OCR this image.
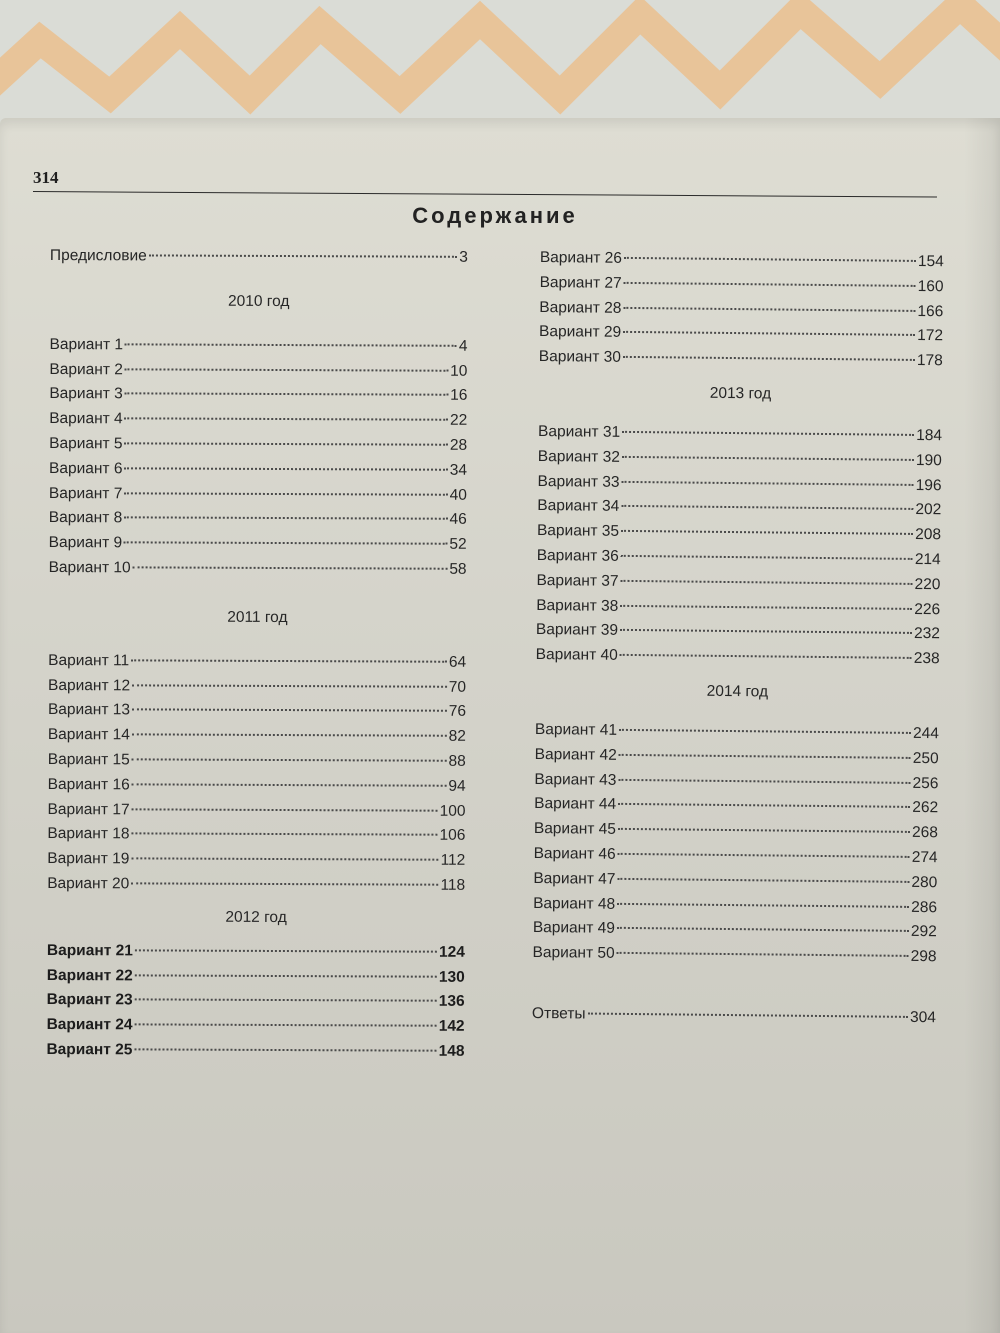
314
Содержание
Предисловие	3
2010 год
Вариант 1	4
Вариант 2	10
Вариант 3	16
Вариант 4	22
Вариант 5	28
Вариант 6	34
Вариант 7	40
Вариант 8	46
Вариант 9	52
Вариант 10	58
2011 год
Вариант 11	64
Вариант 12	70
Вариант 13	76
Вариант 14	82
Вариант 15	88
Вариант 16	94
Вариант 17	100
Вариант 18	106
Вариант 19	112
Вариант 20	118
2012 год
Вариант 21	124
Вариант 22	130
Вариант 23	136
Вариант 24	142
Вариант 25	148
Вариант 26	154
Вариант 27	160
Вариант 28	166
Вариант 29	172
Вариант 30	178
2013 год
Вариант 31	184
Вариант 32	190
Вариант 33	196
Вариант 34	202
Вариант 35	208
Вариант 36	214
Вариант 37	220
Вариант 38	226
Вариант 39	232
Вариант 40	238
2014 год
Вариант 41	244
Вариант 42	250
Вариант 43	256
Вариант 44	262
Вариант 45	268
Вариант 46	274
Вариант 47	280
Вариант 48	286
Вариант 49	292
Вариант 50	298
Ответы	304
